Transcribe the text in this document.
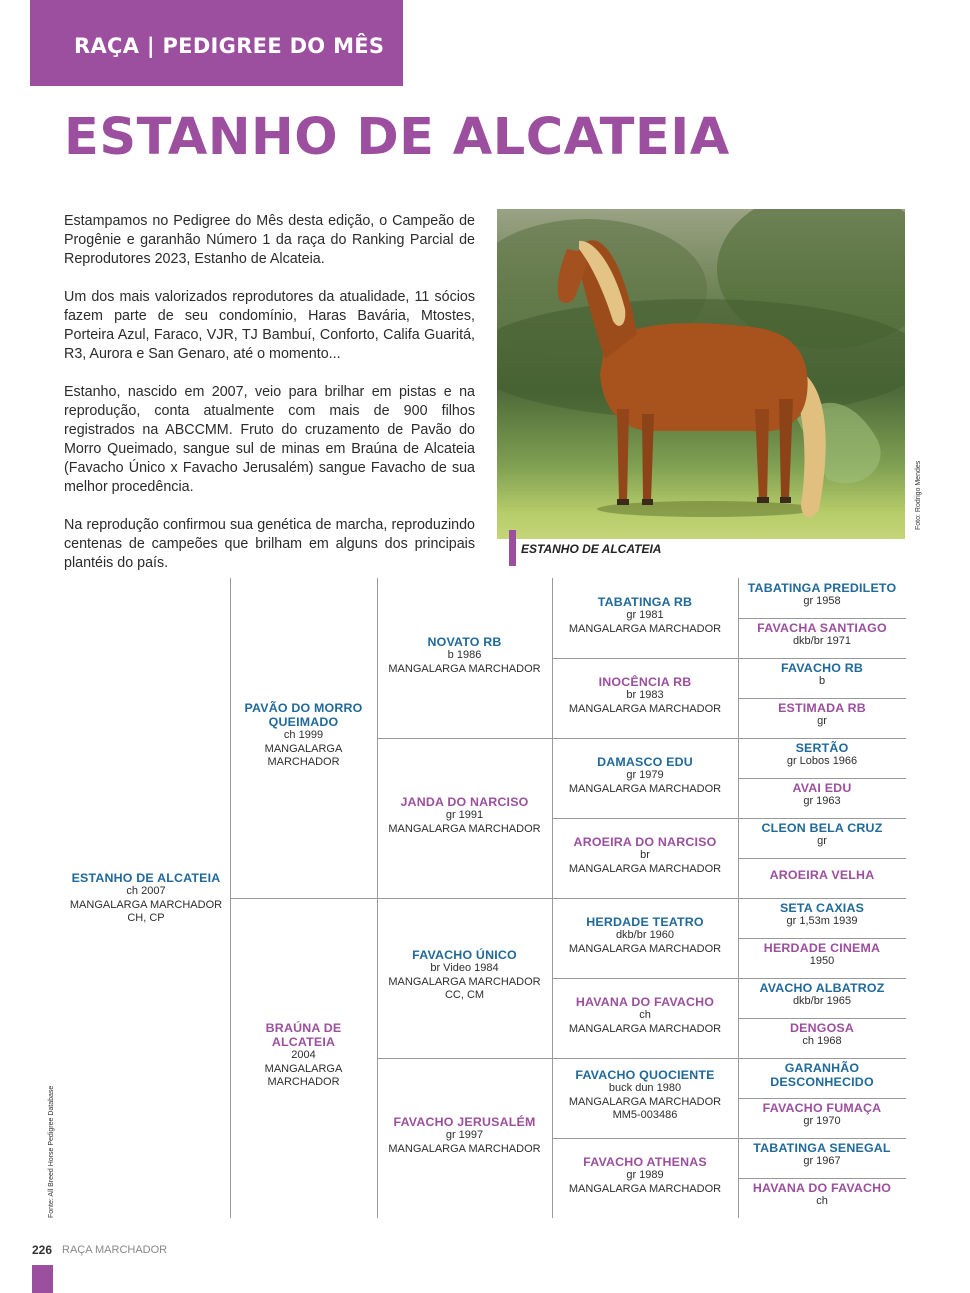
RAÇA | PEDIGREE DO MÊS
ESTANHO DE ALCATEIA

Estampamos no Pedigree do Mês desta edição, o Campeão de Progênie e garanhão Número 1 da raça do Ranking Parcial de Reprodutores 2023, Estanho de Alcateia.

Um dos mais valorizados reprodutores da atualidade, 11 sócios fazem parte de seu condomínio, Haras Bavária, Mtostes, Porteira Azul, Faraco, VJR, TJ Bambuí, Conforto, Califa Guaritá, R3, Aurora e San Genaro, até o momento...

Estanho, nascido em 2007, veio para brilhar em pistas e na reprodução, conta atualmente com mais de 900 filhos registrados na ABCCMM. Fruto do cruzamento de Pavão do Morro Queimado, sangue sul de minas em Braúna de Alcateia (Favacho Único x Favacho Jerusalém) sangue Favacho de sua melhor procedência.

Na reprodução confirmou sua genética de marcha, reproduzindo centenas de campeões que brilham em alguns dos principais plantéis do país.

ESTANHO DE ALCATEIA
Foto: Rodrigo Mendes
ESTANHO DE ALCATEIA
ch 2007
MANGALARGA MARCHADOR
CH, CP
PAVÃO DO MORRO QUEIMADO
ch 1999
MANGALARGA MARCHADOR
BRAÚNA DE ALCATEIA
2004
MANGALARGA MARCHADOR
NOVATO RB
b 1986
MANGALARGA MARCHADOR
JANDA DO NARCISO
gr 1991
MANGALARGA MARCHADOR
FAVACHO ÚNICO
br Video 1984
MANGALARGA MARCHADOR
CC, CM
FAVACHO JERUSALÉM
gr 1997
MANGALARGA MARCHADOR
TABATINGA RB
gr 1981
MANGALARGA MARCHADOR
INOCÊNCIA RB
br 1983
MANGALARGA MARCHADOR
DAMASCO EDU
gr 1979
MANGALARGA MARCHADOR
AROEIRA DO NARCISO
br
MANGALARGA MARCHADOR
HERDADE TEATRO
dkb/br 1960
MANGALARGA MARCHADOR
HAVANA DO FAVACHO
ch
MANGALARGA MARCHADOR
FAVACHO QUOCIENTE
buck dun 1980
MANGALARGA MARCHADOR
MM5-003486
FAVACHO ATHENAS
gr 1989
MANGALARGA MARCHADOR
TABATINGA PREDILETO
gr 1958
FAVACHA SANTIAGO
dkb/br 1971
FAVACHO RB
b
ESTIMADA RB
gr
SERTÃO
gr Lobos 1966
AVAI EDU
gr 1963
CLEON BELA CRUZ
gr
AROEIRA VELHA
SETA CAXIAS
gr 1,53m 1939
HERDADE CINEMA
1950
AVACHO ALBATROZ
dkb/br 1965
DENGOSA
ch 1968
GARANHÃO DESCONHECIDO
FAVACHO FUMAÇA
gr 1970
TABATINGA SENEGAL
gr 1967
HAVANA DO FAVACHO
ch
Fonte: All Breed Horse Pedigree Database
226 RAÇA MARCHADOR
